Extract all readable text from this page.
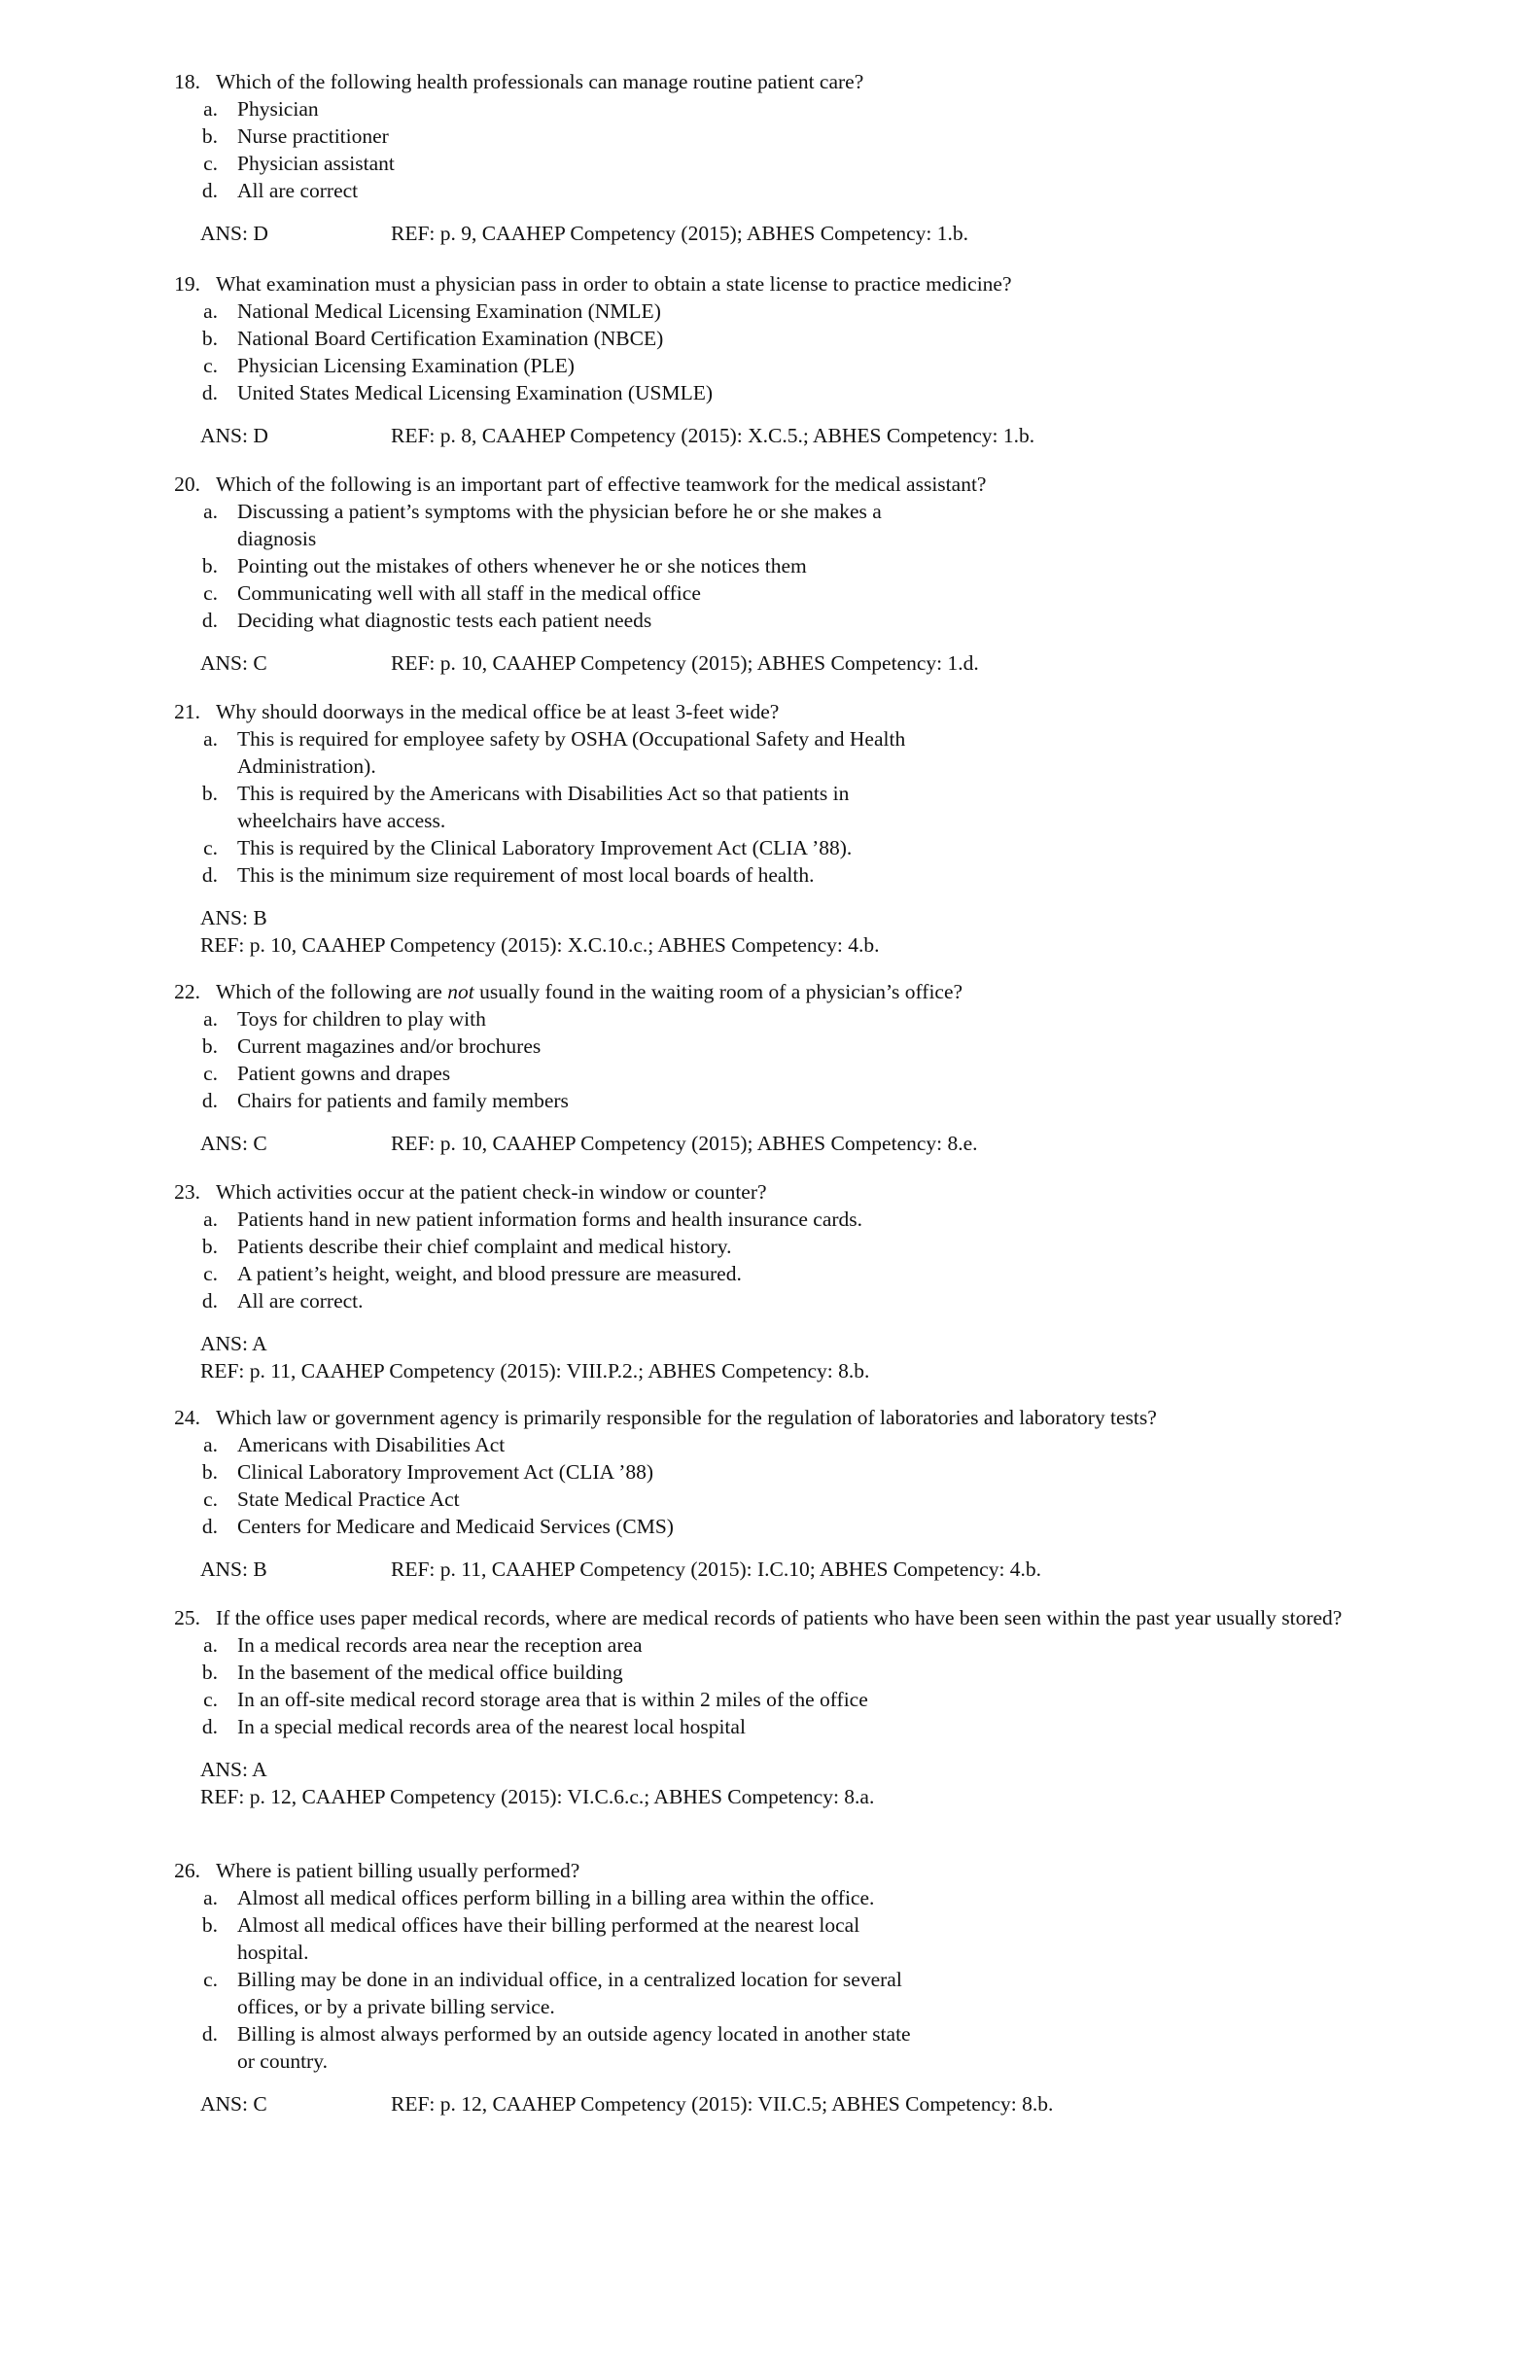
18. Which of the following health professionals can manage routine patient care?
a. Physician
b. Nurse practitioner
c. Physician assistant
d. All are correct
ANS: D	REF: p. 9, CAAHEP Competency (2015); ABHES Competency: 1.b.
19. What examination must a physician pass in order to obtain a state license to practice medicine?
a. National Medical Licensing Examination (NMLE)
b. National Board Certification Examination (NBCE)
c. Physician Licensing Examination (PLE)
d. United States Medical Licensing Examination (USMLE)
ANS: D	REF: p. 8, CAAHEP Competency (2015): X.C.5.; ABHES Competency: 1.b.
20. Which of the following is an important part of effective teamwork for the medical assistant?
a. Discussing a patient’s symptoms with the physician before he or she makes a
diagnosis
b. Pointing out the mistakes of others whenever he or she notices them
c. Communicating well with all staff in the medical office
d. Deciding what diagnostic tests each patient needs
ANS: C	REF: p. 10, CAAHEP Competency (2015); ABHES Competency: 1.d.
21. Why should doorways in the medical office be at least 3-feet wide?
a. This is required for employee safety by OSHA (Occupational Safety and Health
Administration).
b. This is required by the Americans with Disabilities Act so that patients in
wheelchairs have access.
c. This is required by the Clinical Laboratory Improvement Act (CLIA ’88).
d. This is the minimum size requirement of most local boards of health.
ANS: B
REF: p. 10, CAAHEP Competency (2015): X.C.10.c.; ABHES Competency: 4.b.
22. Which of the following are not usually found in the waiting room of a physician’s office?
a. Toys for children to play with
b. Current magazines and/or brochures
c. Patient gowns and drapes
d. Chairs for patients and family members
ANS: C	REF: p. 10, CAAHEP Competency (2015); ABHES Competency: 8.e.
23. Which activities occur at the patient check-in window or counter?
a. Patients hand in new patient information forms and health insurance cards.
b. Patients describe their chief complaint and medical history.
c. A patient’s height, weight, and blood pressure are measured.
d. All are correct.
ANS: A
REF: p. 11, CAAHEP Competency (2015): VIII.P.2.; ABHES Competency: 8.b.
24. Which law or government agency is primarily responsible for the regulation of laboratories and laboratory tests?
a. Americans with Disabilities Act
b. Clinical Laboratory Improvement Act (CLIA ’88)
c. State Medical Practice Act
d. Centers for Medicare and Medicaid Services (CMS)
ANS: B	REF: p. 11, CAAHEP Competency (2015): I.C.10; ABHES Competency: 4.b.
25. If the office uses paper medical records, where are medical records of patients who have been seen within the past year usually stored?
a. In a medical records area near the reception area
b. In the basement of the medical office building
c. In an off-site medical record storage area that is within 2 miles of the office
d. In a special medical records area of the nearest local hospital
ANS: A
REF: p. 12, CAAHEP Competency (2015): VI.C.6.c.; ABHES Competency: 8.a.
26. Where is patient billing usually performed?
a. Almost all medical offices perform billing in a billing area within the office.
b. Almost all medical offices have their billing performed at the nearest local
hospital.
c. Billing may be done in an individual office, in a centralized location for several
offices, or by a private billing service.
d. Billing is almost always performed by an outside agency located in another state
or country.
ANS: C	REF: p. 12, CAAHEP Competency (2015): VII.C.5; ABHES Competency: 8.b.
